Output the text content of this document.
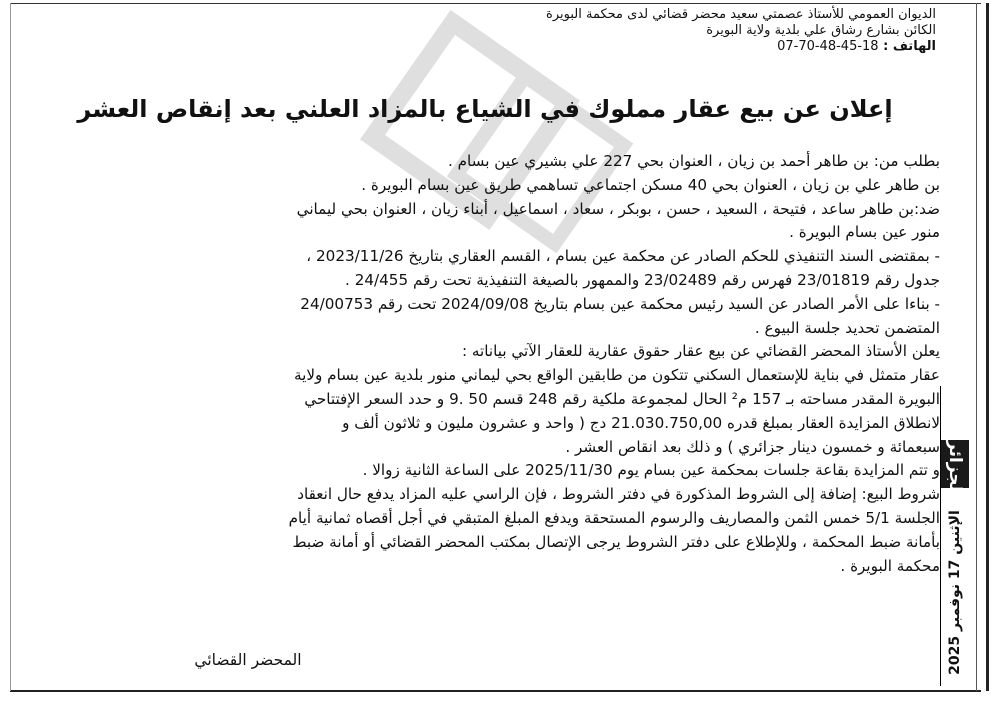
الديوان العمومي للأستاذ عصمتي سعيد محضر قضائي لدى محكمة البويرة
الكائن بشارع رشاق علي بلدية ولاية البويرة
الهاتف : 07-70-48-45-18
إعلان عن بيع عقار مملوك في الشياع بالمزاد العلني بعد إنقاص العشر
بطلب من: بن طاهر أحمد بن زيان ، العنوان بحي 227 علي بشيري عين بسام .
بن طاهر علي بن زيان ، العنوان بحي 40 مسكن اجتماعي تساهمي طريق عين بسام البويرة .
ضد:بن طاهر ساعد ، فتيحة ، السعيد ، حسن ، بوبكر ، سعاد ، اسماعيل ، أبناء زيان ، العنوان بحي ليماني
منور عين بسام البويرة .
- بمقتضى السند التنفيذي للحكم الصادر عن محكمة عين بسام ، القسم العقاري بتاريخ 2023/11/26 ،
جدول رقم 23/01819 فهرس رقم 23/02489 والممهور بالصيغة التنفيذية تحت رقم 24/455 .
- بناءا على الأمر الصادر عن السيد رئيس محكمة عين بسام بتاريخ 2024/09/08 تحت رقم 24/00753
المتضمن تحديد جلسة البيوع .
يعلن الأستاذ المحضر القضائي عن بيع عقار حقوق عقارية للعقار الآتي بياناته :
عقار متمثل في بناية للإستعمال السكني تتكون من طابقين الواقع بحي ليماني منور بلدية عين بسام ولاية
البويرة المقدر مساحته بـ 157 م² الحال لمجموعة ملكية رقم 248 قسم 50 .9 و حدد السعر الإفتتاحي
لانطلاق المزايدة العقار بمبلغ قدره 21.030.750,00 دج ( واحد و عشرون مليون و ثلاثون ألف و
سبعمائة و خمسون دينار جزائري ) و ذلك بعد انقاص العشر .
و تتم المزايدة بقاعة جلسات بمحكمة عين بسام يوم 2025/11/30 على الساعة الثانية زوالا .
شروط البيع: إضافة إلى الشروط المذكورة في دفتر الشروط ، فإن الراسي عليه المزاد يدفع حال انعقاد
الجلسة 5/1 خمس الثمن والمصاريف والرسوم المستحقة ويدفع المبلغ المتبقي في أجل أقصاه ثمانية أيام
بأمانة ضبط المحكمة ، وللإطلاع على دفتر الشروط يرجى الإتصال بمكتب المحضر القضائي أو أمانة ضبط
محكمة البويرة .
المحضر القضائي
الجزائر
الإثنين 17 نوفمبر 2025
